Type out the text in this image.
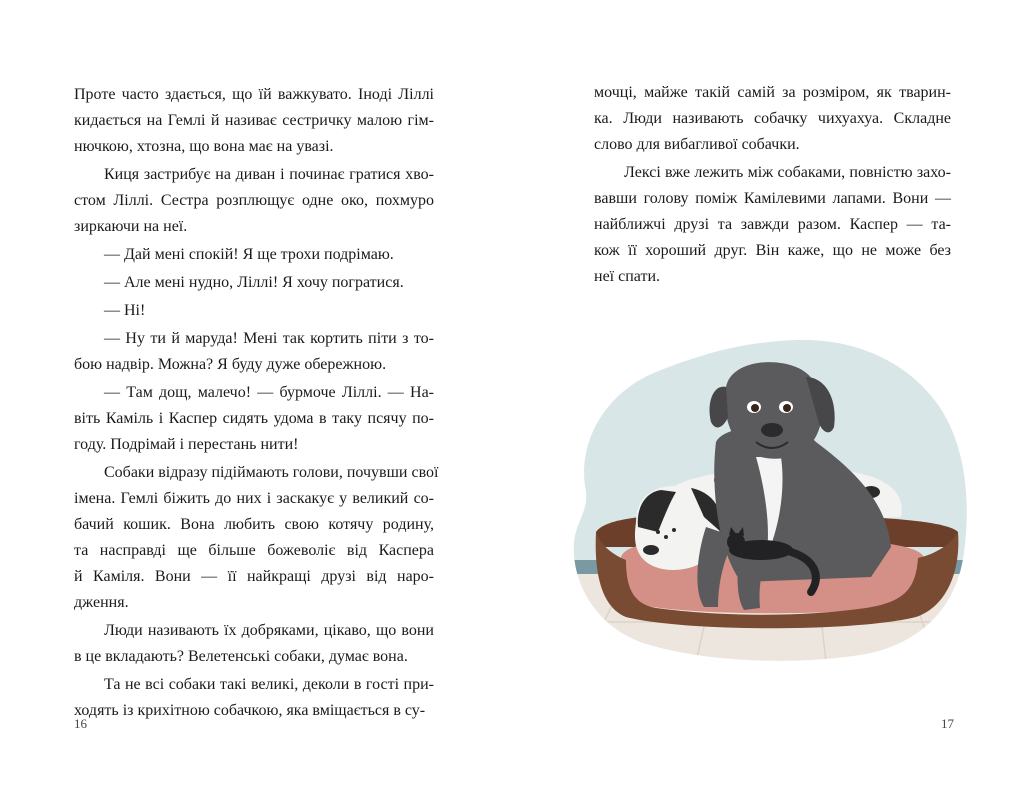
Проте часто здається, що їй важкувато. Іноді Ліллі
кидається на Гемлі й називає сестричку малою гім-
нючкою, хтозна, що вона має на увазі.
Киця застрибує на диван і починає гратися хво-
стом Ліллі. Сестра розплющує одне око, похмуро
зиркаючи на неї.
— Дай мені спокій! Я ще трохи подрімаю.
— Але мені нудно, Ліллі! Я хочу погратися.
— Ні!
— Ну ти й маруда! Мені так кортить піти з то-
бою надвір. Можна? Я буду дуже обережною.
— Там дощ, малечо! — бурмоче Ліллі. — На-
віть Каміль і Каспер сидять удома в таку псячу по-
году. Подрімай і перестань нити!
Собаки відразу підіймають голови, почувши свої
імена. Гемлі біжить до них і заскакує у великий со-
бачий кошик. Вона любить свою котячу родину,
та насправді ще більше божеволіє від Каспера
й Каміля. Вони — її найкращі друзі від наро-
дження.
Люди називають їх добряками, цікаво, що вони
в це вкладають? Велетенські собаки, думає вона.
Та не всі собаки такі великі, деколи в гості при-
ходять із крихітною собачкою, яка вміщається в су-
16
мочці, майже такій самій за розміром, як тварин-
ка. Люди називають собачку чихуахуа. Складне
слово для вибагливої собачки.
Лексі вже лежить між собаками, повністю захо-
вавши голову поміж Камілевими лапами. Вони —
найближчі друзі та завжди разом. Каспер — та-
кож її хороший друг. Він каже, що не може без
неї спати.
17
